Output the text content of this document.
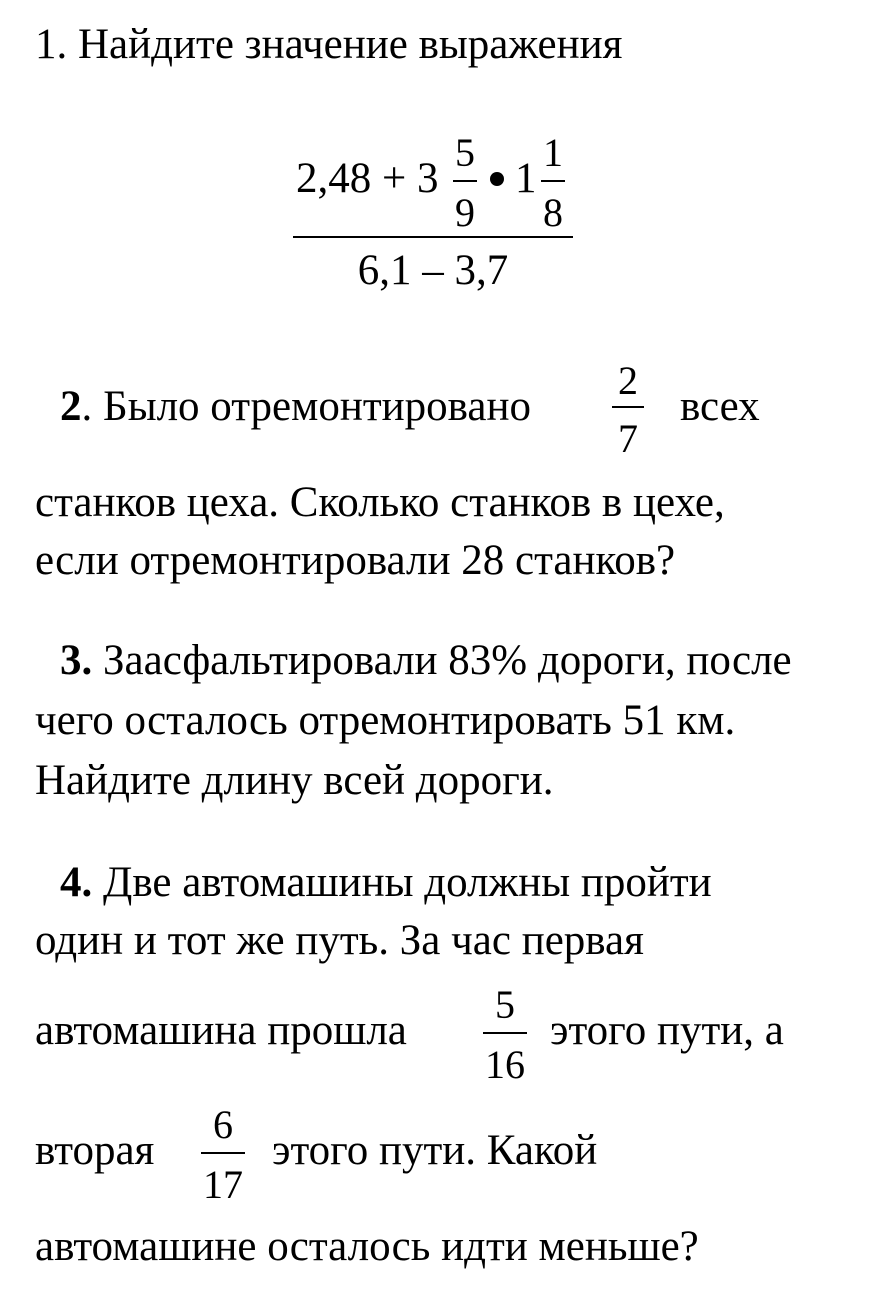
1. Найдите значение выражения
2,48 + 3
5
9
1
1
8
6,1 – 3,7
2. Было отремонтировано
2
7
всех
станков цеха. Сколько станков в цехе,
если отремонтировали 28 станков?
3. Заасфальтировали 83% дороги, после
чего осталось отремонтировать 51 км.
Найдите длину всей дороги.
4. Две автомашины должны пройти
один и тот же путь. За час первая
автомашина прошла
5
16
этого пути, а
вторая
6
17
этого пути. Какой
автомашине осталось идти меньше?
